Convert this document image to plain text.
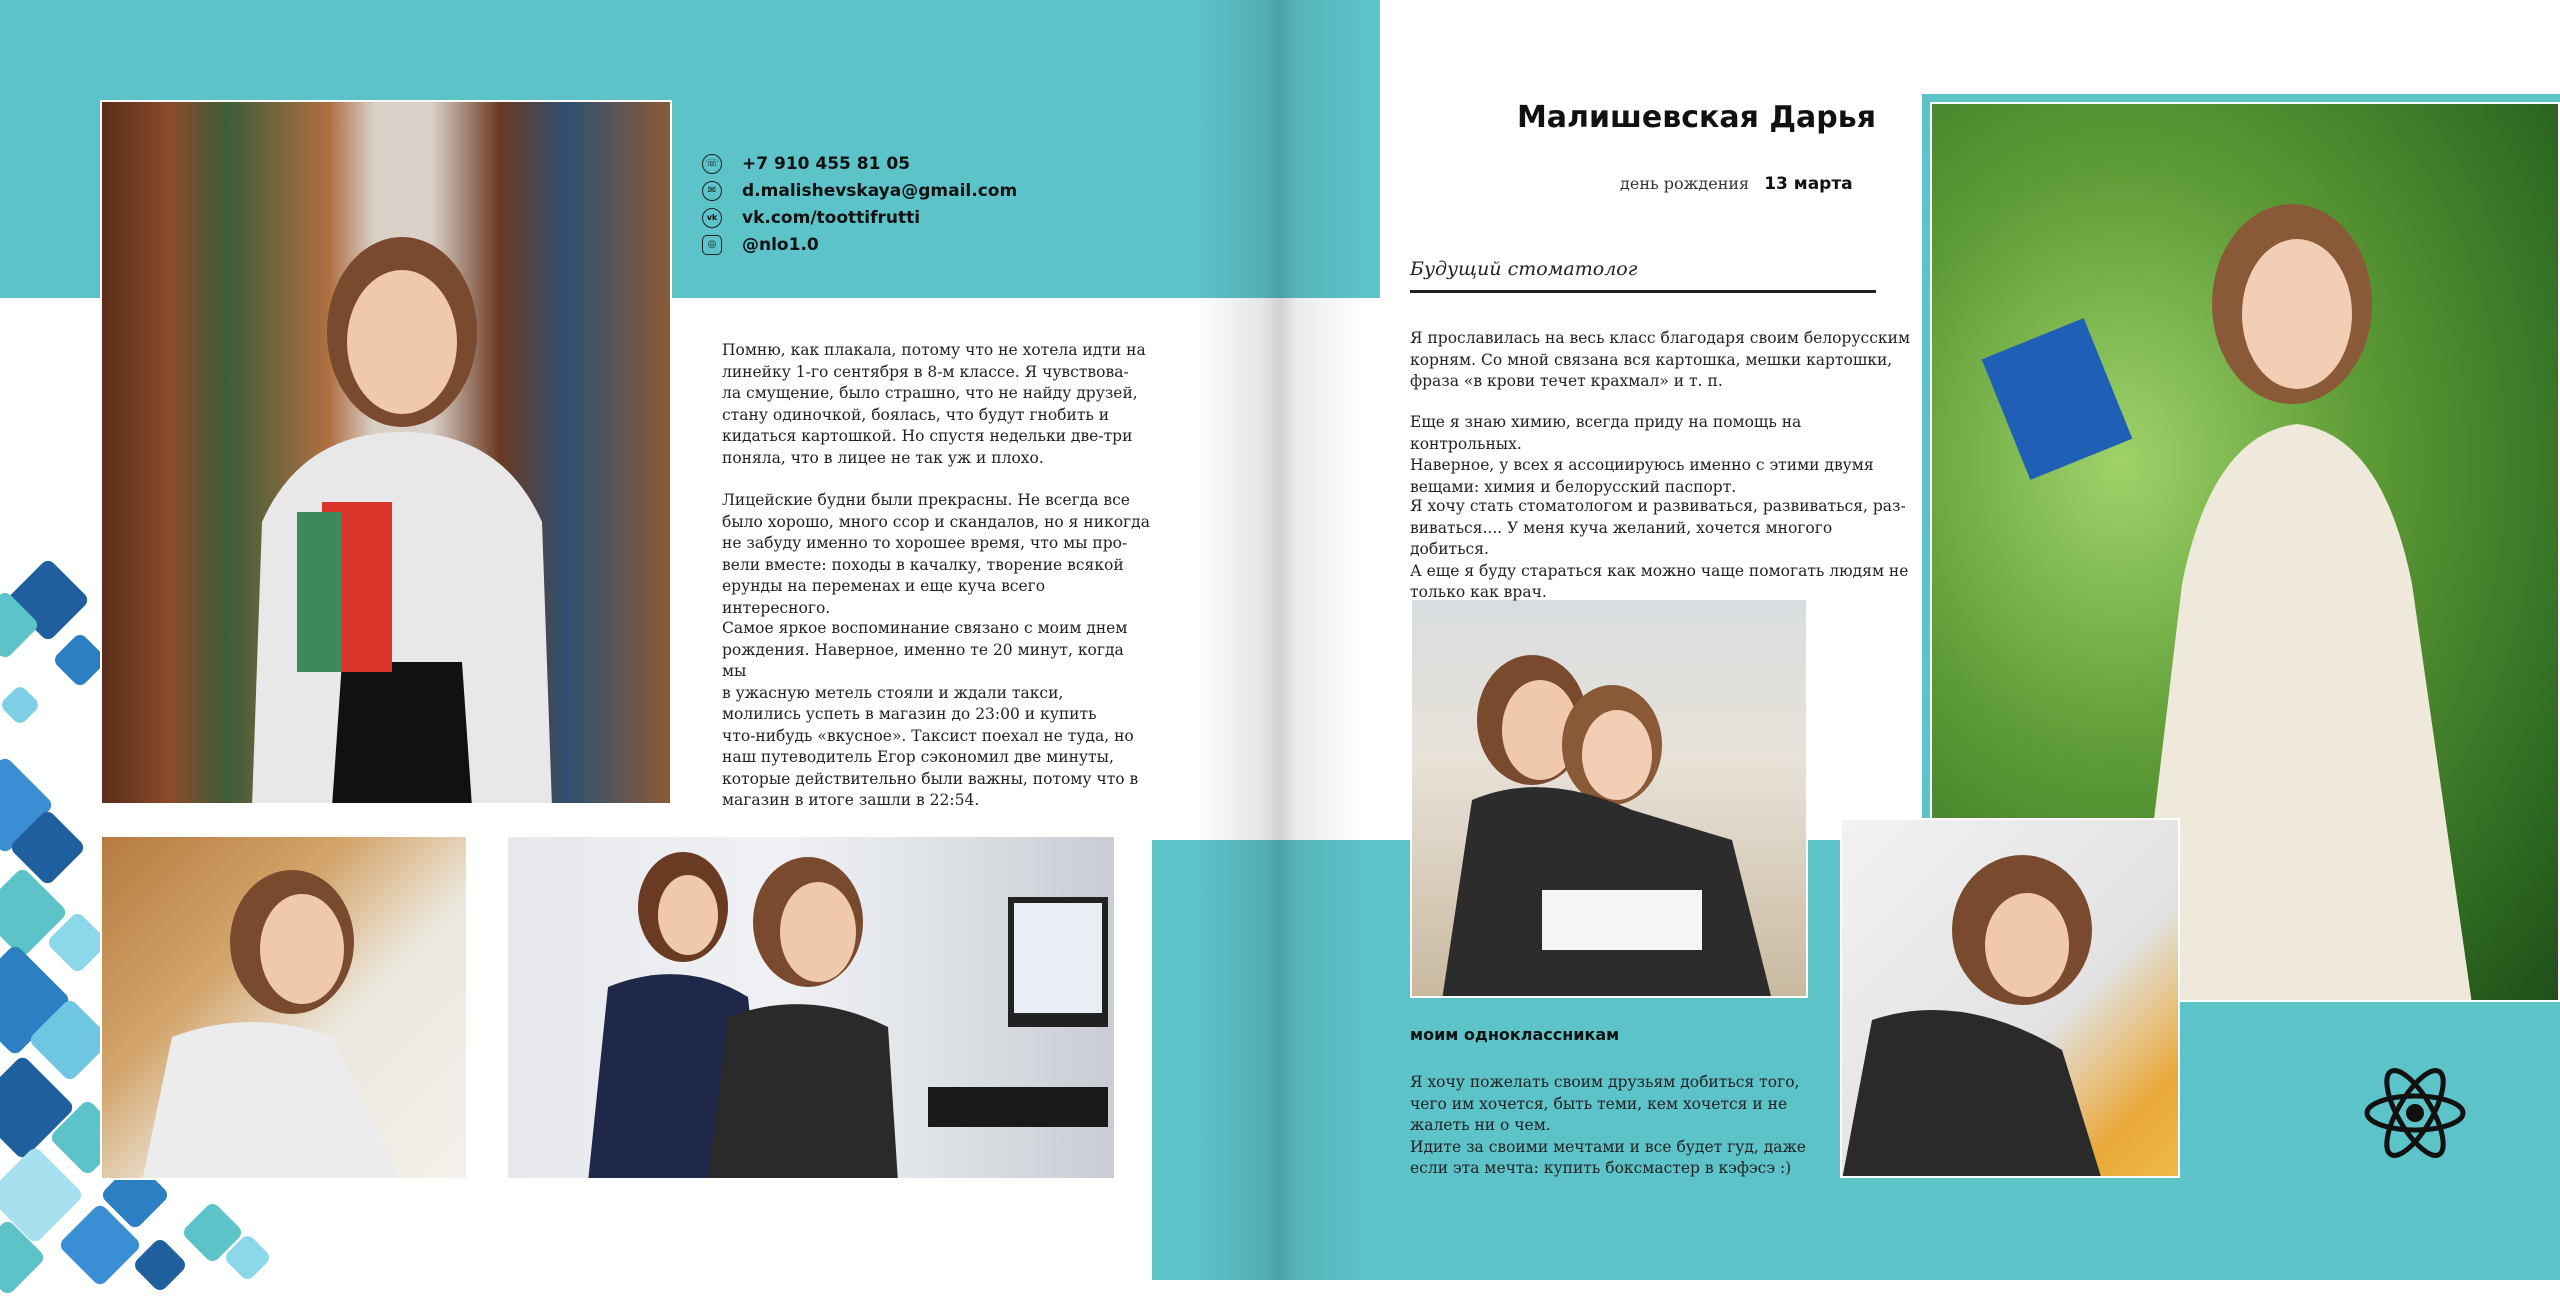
☏ +7 910 455 81 05
✉	d.malishevskaya@gmail.com
vk vk.com/toottifrutti
◎	@nlo1.0
Помню, как плакала, потому что не хотела идти на
линейку 1-го сентября в 8-м классе. Я чувствова-
ла смущение, было страшно, что не найду друзей,
стану одиночкой, боялась, что будут гнобить и
кидаться картошкой. Но спустя недельки две-три
поняла, что в лицее не так уж и плохо.
Лицейские будни были прекрасны. Не всегда все
было хорошо, много ссор и скандалов, но я никогда
не забуду именно то хорошее время, что мы про-
вели вместе: походы в качалку, творение всякой
ерунды на переменах и еще куча всего интересного.
Самое яркое воспоминание связано с моим днем
рождения. Наверное, именно те 20 минут, когда мы
в ужасную метель стояли и ждали такси,
молились успеть в магазин до 23:00 и купить
что-нибудь «вкусное». Таксист поехал не туда, но
наш путеводитель Егор сэкономил две минуты,
которые действительно были важны, потому что в
магазин в итоге зашли в 22:54.
Малишевская Дарья
день рождения 13 марта
Будущий стоматолог
Я прославилась на весь класс благодаря своим белорусским
корням. Со мной связана вся картошка, мешки картошки,
фраза «в крови течет крахмал» и т. п.
Еще я знаю химию, всегда приду на помощь на контрольных.
Наверное, у всех я ассоциируюсь именно с этими двумя
вещами: химия и белорусский паспорт.
Я хочу стать стоматологом и развиваться, развиваться, раз-
виваться.... У меня куча желаний, хочется многого добиться.
А еще я буду стараться как можно чаще помогать людям не
только как врач.
моим одноклассникам
Я хочу пожелать своим друзьям добиться того,
чего им хочется, быть теми, кем хочется и не
жалеть ни о чем.
Идите за своими мечтами и все будет гуд, даже
если эта мечта: купить боксмастер в кэфэсэ :)
